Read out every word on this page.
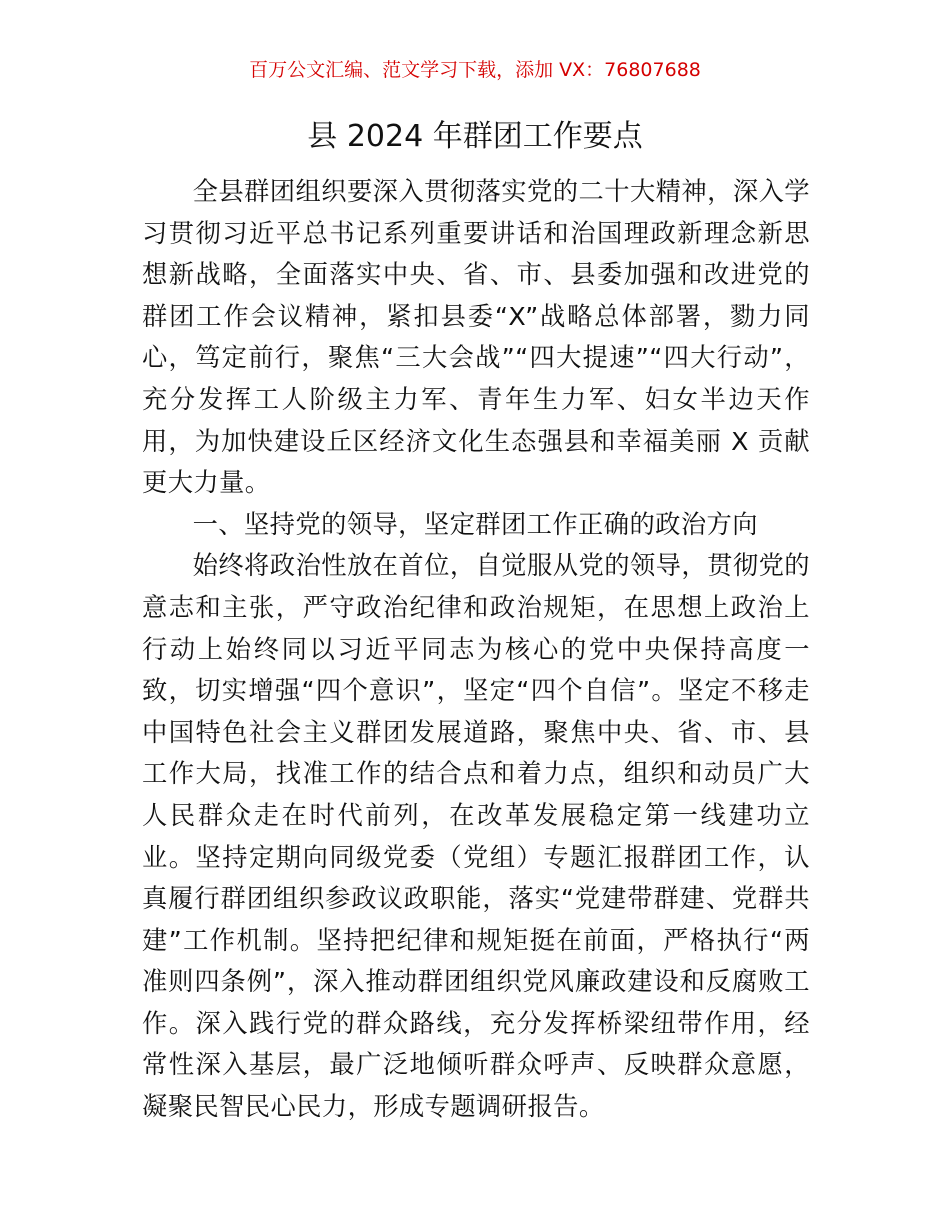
百万公文汇编、范文学习下载，添加 VX：76807688
县 2024 年群团工作要点

全县群团组织要深入贯彻落实党的二十大精神，深入学习贯彻习近平总书记系列重要讲话和治国理政新理念新思想新战略，全面落实中央、省、市、县委加强和改进党的群团工作会议精神，紧扣县委“X”战略总体部署，勠力同心，笃定前行，聚焦“三大会战”“四大提速”“四大行动”，充分发挥工人阶级主力军、青年生力军、妇女半边天作用，为加快建设丘区经济文化生态强县和幸福美丽 X 贡献更大力量。

一、坚持党的领导，坚定群团工作正确的政治方向

始终将政治性放在首位，自觉服从党的领导，贯彻党的意志和主张，严守政治纪律和政治规矩，在思想上政治上行动上始终同以习近平同志为核心的党中央保持高度一致，切实增强“四个意识”，坚定“四个自信”。坚定不移走中国特色社会主义群团发展道路，聚焦中央、省、市、县工作大局，找准工作的结合点和着力点，组织和动员广大人民群众走在时代前列，在改革发展稳定第一线建功立业。坚持定期向同级党委（党组）专题汇报群团工作，认真履行群团组织参政议政职能，落实“党建带群建、党群共建”工作机制。坚持把纪律和规矩挺在前面，严格执行“两准则四条例”，深入推动群团组织党风廉政建设和反腐败工作。深入践行党的群众路线，充分发挥桥梁纽带作用，经常性深入基层，最广泛地倾听群众呼声、反映群众意愿，凝聚民智民心民力，形成专题调研报告。
